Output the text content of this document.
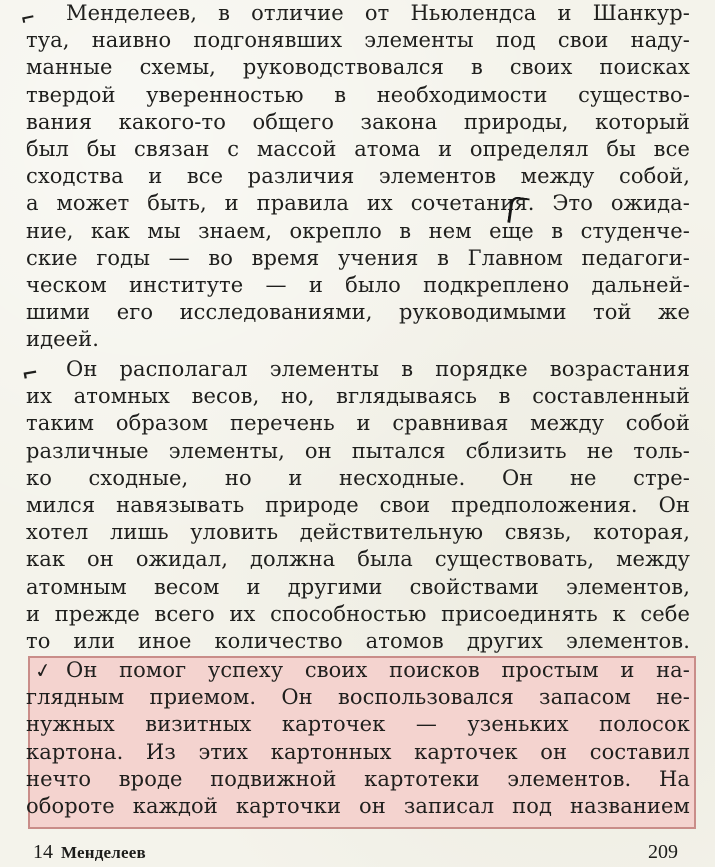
⌐
⌐
✓
Менделеев, в отличие от Ньюлендса и Шанкур-
туа, наивно подгонявших элементы под свои наду-
манные схемы, руководствовался в своих поисках
твердой уверенностью в необходимости существо-
вания какого-то общего закона природы, который
был бы связан с массой атома и определял бы все
сходства и все различия элементов между собой,
а может быть, и правила их сочетания. Это ожида-
ние, как мы знаем, окрепло в нем еще в студенче-
ские годы — во время учения в Главном педагоги-
ческом институте — и было подкреплено дальней-
шими его исследованиями, руководимыми той же
идеей.
Он располагал элементы в порядке возрастания
их атомных весов, но, вглядываясь в составленный
таким образом перечень и сравнивая между собой
различные элементы, он пытался сблизить не толь-
ко сходные, но и несходные. Он не стре-
мился навязывать природе свои предположения. Он
хотел лишь уловить действительную связь, которая,
как он ожидал, должна была существовать, между
атомным весом и другими свойствами элементов,
и прежде всего их способностью присоединять к себе
то или иное количество атомов других элементов.
Он помог успеху своих поисков простым и на-
глядным приемом. Он воспользовался запасом не-
нужных визитных карточек — узеньких полосок
картона. Из этих картонных карточек он составил
нечто вроде подвижной картотеки элементов. На
обороте каждой карточки он записал под названием
14 Менделеев	209
